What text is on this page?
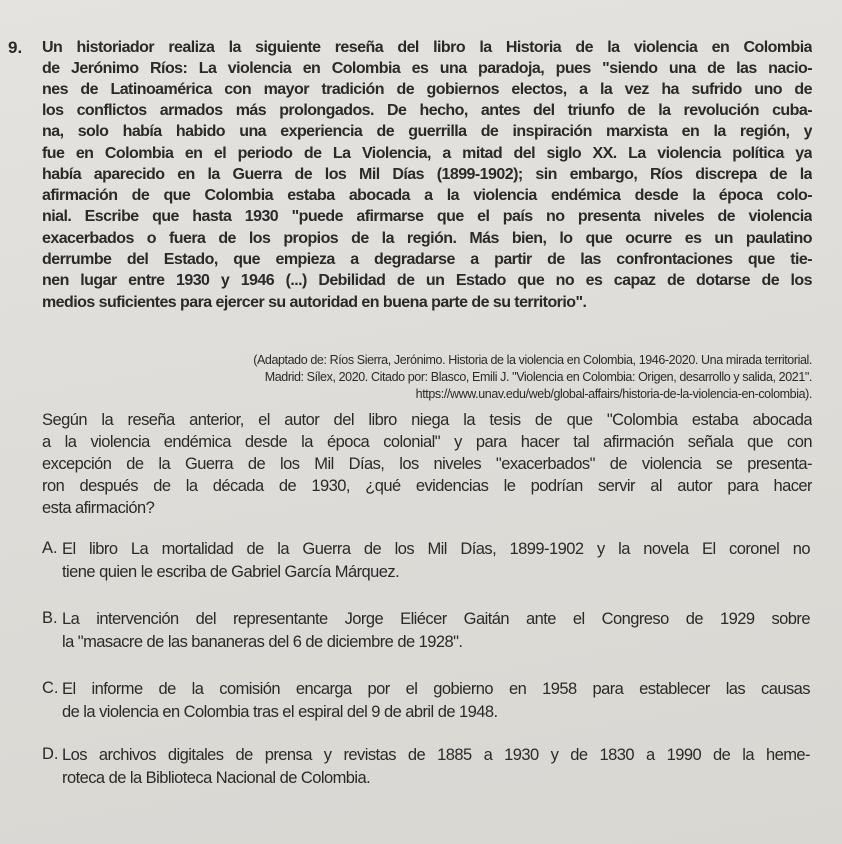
9. Un historiador realiza la siguiente reseña del libro la Historia de la violencia en Colombia
de Jerónimo Ríos: La violencia en Colombia es una paradoja, pues "siendo una de las nacio-
nes de Latinoamérica con mayor tradición de gobiernos electos, a la vez ha sufrido uno de
los conflictos armados más prolongados. De hecho, antes del triunfo de la revolución cuba-
na, solo había habido una experiencia de guerrilla de inspiración marxista en la región, y
fue en Colombia en el periodo de La Violencia, a mitad del siglo XX. La violencia política ya
había aparecido en la Guerra de los Mil Días (1899-1902); sin embargo, Ríos discrepa de la
afirmación de que Colombia estaba abocada a la violencia endémica desde la época colo-
nial. Escribe que hasta 1930 "puede afirmarse que el país no presenta niveles de violencia
exacerbados o fuera de los propios de la región. Más bien, lo que ocurre es un paulatino
derrumbe del Estado, que empieza a degradarse a partir de las confrontaciones que tie-
nen lugar entre 1930 y 1946 (...) Debilidad de un Estado que no es capaz de dotarse de los
medios suficientes para ejercer su autoridad en buena parte de su territorio".
(Adaptado de: Ríos Sierra, Jerónimo. Historia de la violencia en Colombia, 1946-2020. Una mirada territorial.
Madrid: Sílex, 2020. Citado por: Blasco, Emili J. "Violencia en Colombia: Origen, desarrollo y salida, 2021".
https://www.unav.edu/web/global-affairs/historia-de-la-violencia-en-colombia).
Según la reseña anterior, el autor del libro niega la tesis de que "Colombia estaba abocada
a la violencia endémica desde la época colonial" y para hacer tal afirmación señala que con
excepción de la Guerra de los Mil Días, los niveles "exacerbados" de violencia se presenta-
ron después de la década de 1930, ¿qué evidencias le podrían servir al autor para hacer
esta afirmación?
A. El libro La mortalidad de la Guerra de los Mil Días, 1899-1902 y la novela El coronel no
tiene quien le escriba de Gabriel García Márquez.
B. La intervención del representante Jorge Eliécer Gaitán ante el Congreso de 1929 sobre
la "masacre de las bananeras del 6 de diciembre de 1928".
C. El informe de la comisión encarga por el gobierno en 1958 para establecer las causas
de la violencia en Colombia tras el espiral del 9 de abril de 1948.
D. Los archivos digitales de prensa y revistas de 1885 a 1930 y de 1830 a 1990 de la heme-
roteca de la Biblioteca Nacional de Colombia.
